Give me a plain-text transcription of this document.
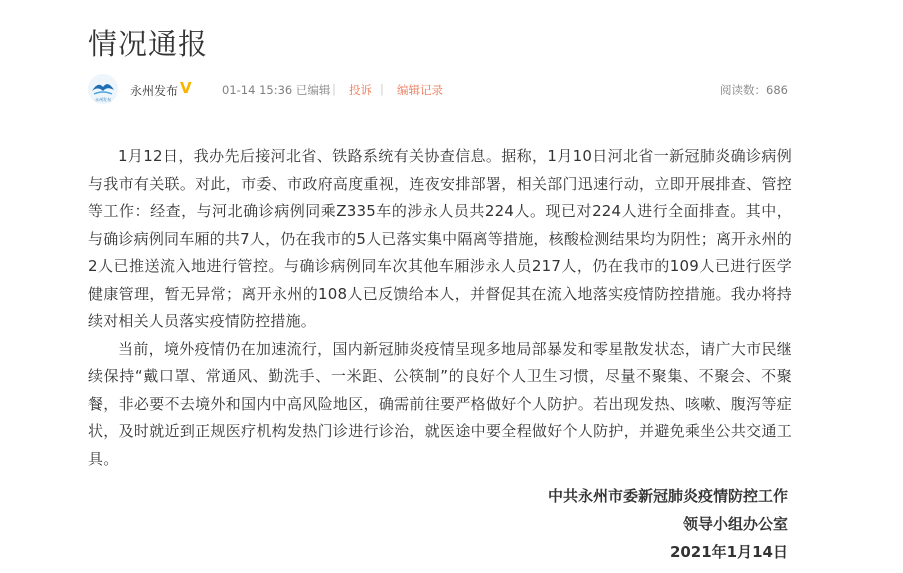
情况通报
永州发布
永州发布 V	01-14 15:36 已编辑 | 投诉 | 编辑记录	阅读数：686

1月12日，我办先后接河北省、铁路系统有关协查信息。据称，1月10日河北省一新冠肺炎确诊病例与我市有关联。对此，市委、市政府高度重视，连夜安排部署，相关部门迅速行动，立即开展排查、管控等工作：经查，与河北确诊病例同乘Z335车的涉永人员共224人。现已对224人进行全面排查。其中，与确诊病例同车厢的共7人，仍在我市的5人已落实集中隔离等措施，核酸检测结果均为阴性；离开永州的2人已推送流入地进行管控。与确诊病例同车次其他车厢涉永人员217人，仍在我市的109人已进行医学健康管理，暂无异常；离开永州的108人已反馈给本人，并督促其在流入地落实疫情防控措施。我办将持续对相关人员落实疫情防控措施。

当前，境外疫情仍在加速流行，国内新冠肺炎疫情呈现多地局部暴发和零星散发状态，请广大市民继续保持“戴口罩、常通风、勤洗手、一米距、公筷制”的良好个人卫生习惯，尽量不聚集、不聚会、不聚餐，非必要不去境外和国内中高风险地区，确需前往要严格做好个人防护。若出现发热、咳嗽、腹泻等症状，及时就近到正规医疗机构发热门诊进行诊治，就医途中要全程做好个人防护，并避免乘坐公共交通工具。

中共永州市委新冠肺炎疫情防控工作
领导小组办公室
2021年1月14日
